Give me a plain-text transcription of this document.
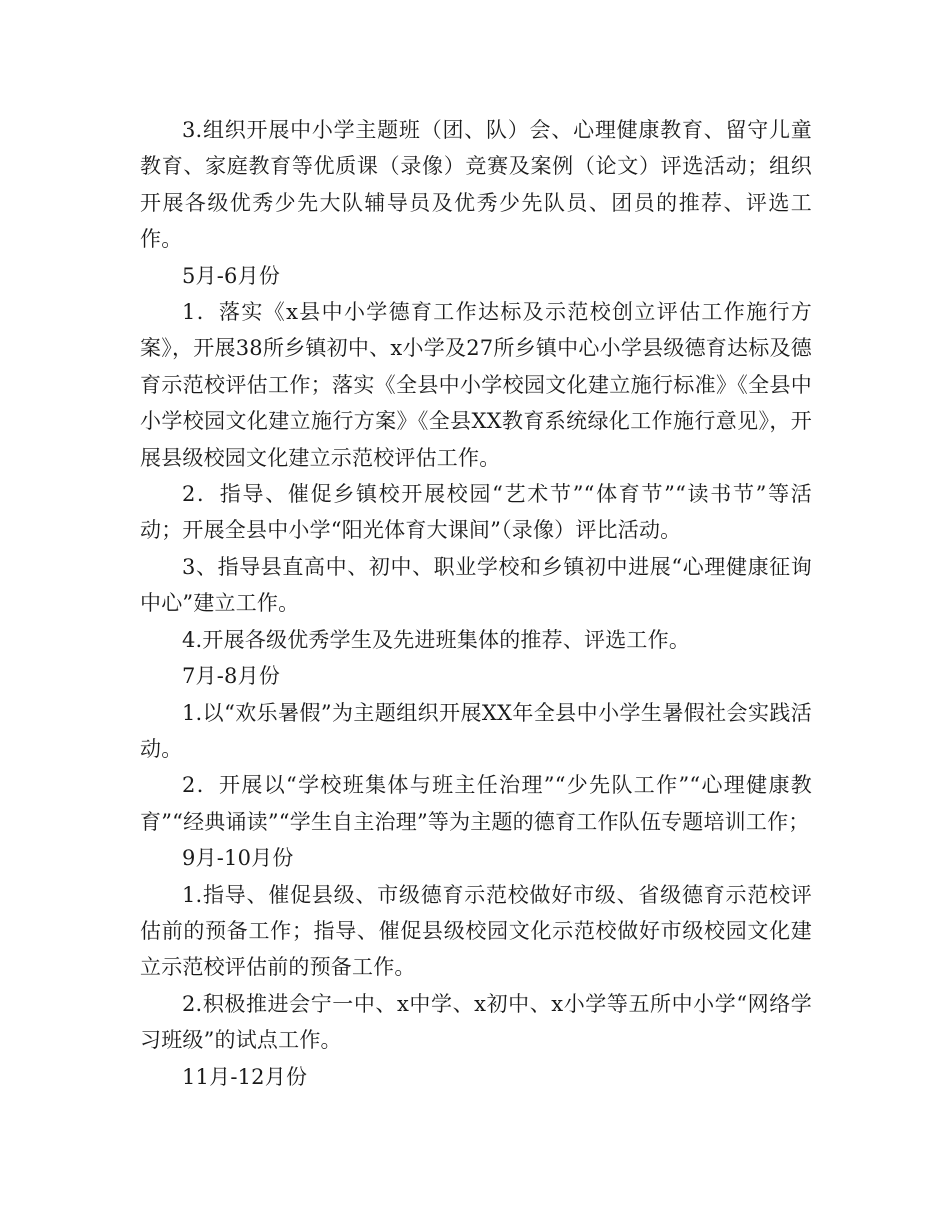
3.组织开展中小学主题班（团、队）会、心理健康教育、留守儿童教育、家庭教育等优质课（录像）竞赛及案例（论文）评选活动；组织开展各级优秀少先大队辅导员及优秀少先队员、团员的推荐、评选工作。

5月-6月份

1．落实《x县中小学德育工作达标及示范校创立评估工作施行方案》，开展38所乡镇初中、x小学及27所乡镇中心小学县级德育达标及德育示范校评估工作；落实《全县中小学校园文化建立施行标准》《全县中小学校园文化建立施行方案》《全县XX教育系统绿化工作施行意见》，开展县级校园文化建立示范校评估工作。

2．指导、催促乡镇校开展校园“艺术节”“体育节”“读书节”等活动；开展全县中小学“阳光体育大课间”（录像）评比活动。

3、指导县直高中、初中、职业学校和乡镇初中进展“心理健康征询中心”建立工作。

4.开展各级优秀学生及先进班集体的推荐、评选工作。

7月-8月份

1.以“欢乐暑假”为主题组织开展XX年全县中小学生暑假社会实践活动。

2．开展以“学校班集体与班主任治理”“少先队工作”“心理健康教育”“经典诵读”“学生自主治理”等为主题的德育工作队伍专题培训工作；

9月-10月份

1.指导、催促县级、市级德育示范校做好市级、省级德育示范校评估前的预备工作；指导、催促县级校园文化示范校做好市级校园文化建立示范校评估前的预备工作。

2.积极推进会宁一中、x中学、x初中、x小学等五所中小学“网络学习班级”的试点工作。

11月-12月份
